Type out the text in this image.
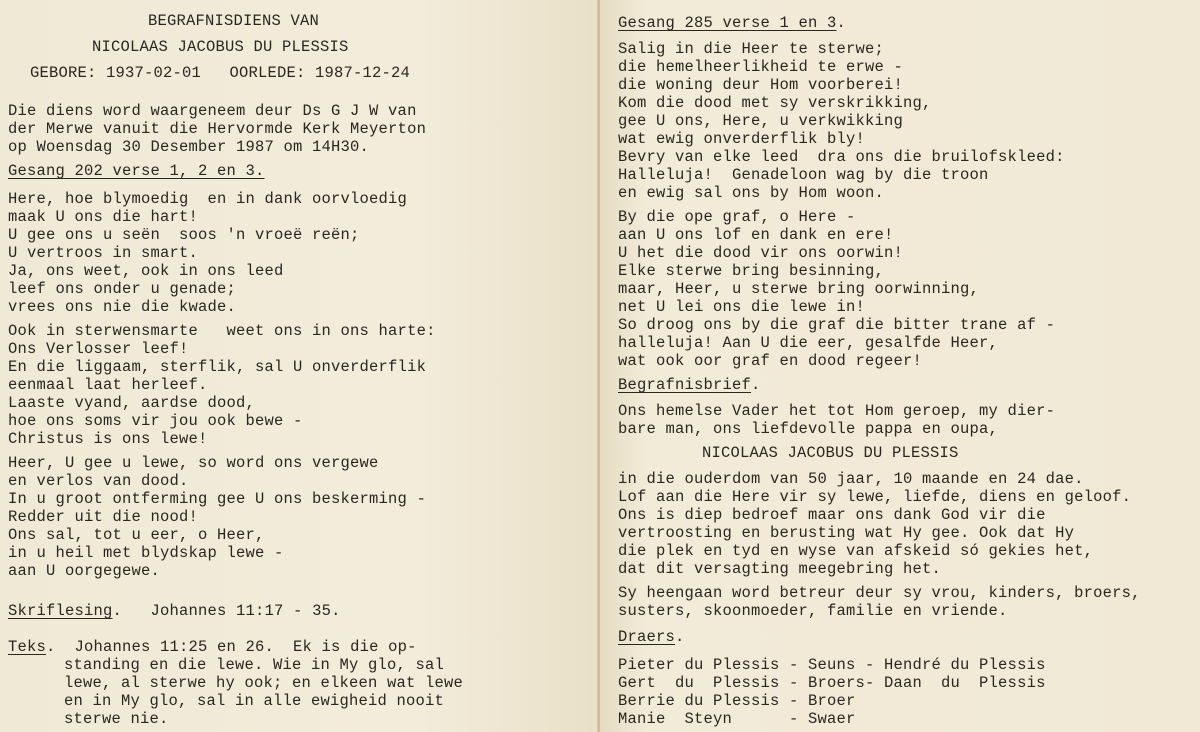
BEGRAFNISDIENS VAN
NICOLAAS JACOBUS DU PLESSIS
GEBORE: 1937-02-01   OORLEDE: 1987-12-24
Die diens word waargeneem deur Ds G J W van
der Merwe vanuit die Hervormde Kerk Meyerton
op Woensdag 30 Desember 1987 om 14H30.
Gesang 202 verse 1, 2 en 3.
Here, hoe blymoedig  en in dank oorvloedig
maak U ons die hart!
U gee ons u seën  soos 'n vroeë reën;
U vertroos in smart.
Ja, ons weet, ook in ons leed
leef ons onder u genade;
vrees ons nie die kwade.
Ook in sterwensmarte   weet ons in ons harte:
Ons Verlosser leef!
En die liggaam, sterflik, sal U onverderflik
eenmaal laat herleef.
Laaste vyand, aardse dood,
hoe ons soms vir jou ook bewe -
Christus is ons lewe!
Heer, U gee u lewe, so word ons vergewe
en verlos van dood.
In u groot ontferming gee U ons beskerming -
Redder uit die nood!
Ons sal, tot u eer, o Heer,
in u heil met blydskap lewe -
aan U oorgegewe.
Skriflesing.   Johannes 11:17 - 35.
Teks.  Johannes 11:25 en 26.  Ek is die op-
standing en die lewe. Wie in My glo, sal
lewe, al sterwe hy ook; en elkeen wat lewe
en in My glo, sal in alle ewigheid nooit
sterwe nie.
Gesang 285 verse 1 en 3.
Salig in die Heer te sterwe;
die hemelheerlikheid te erwe -
die woning deur Hom voorberei!
Kom die dood met sy verskrikking,
gee U ons, Here, u verkwikking
wat ewig onverderflik bly!
Bevry van elke leed  dra ons die bruilofskleed:
Halleluja!  Genadeloon wag by die troon
en ewig sal ons by Hom woon.
By die ope graf, o Here -
aan U ons lof en dank en ere!
U het die dood vir ons oorwin!
Elke sterwe bring besinning,
maar, Heer, u sterwe bring oorwinning,
net U lei ons die lewe in!
So droog ons by die graf die bitter trane af -
halleluja! Aan U die eer, gesalfde Heer,
wat ook oor graf en dood regeer!
Begrafnisbrief.
Ons hemelse Vader het tot Hom geroep, my dier-
bare man, ons liefdevolle pappa en oupa,
NICOLAAS JACOBUS DU PLESSIS
in die ouderdom van 50 jaar, 10 maande en 24 dae.
Lof aan die Here vir sy lewe, liefde, diens en geloof.
Ons is diep bedroef maar ons dank God vir die
vertroosting en berusting wat Hy gee. Ook dat Hy
die plek en tyd en wyse van afskeid só gekies het,
dat dit versagting meegebring het.
Sy heengaan word betreur deur sy vrou, kinders, broers,
susters, skoonmoeder, familie en vriende.
Draers.
Pieter du Plessis - Seuns - Hendré du Plessis
Gert  du  Plessis - Broers- Daan  du  Plessis
Berrie du Plessis - Broer
Manie  Steyn      - Swaer
